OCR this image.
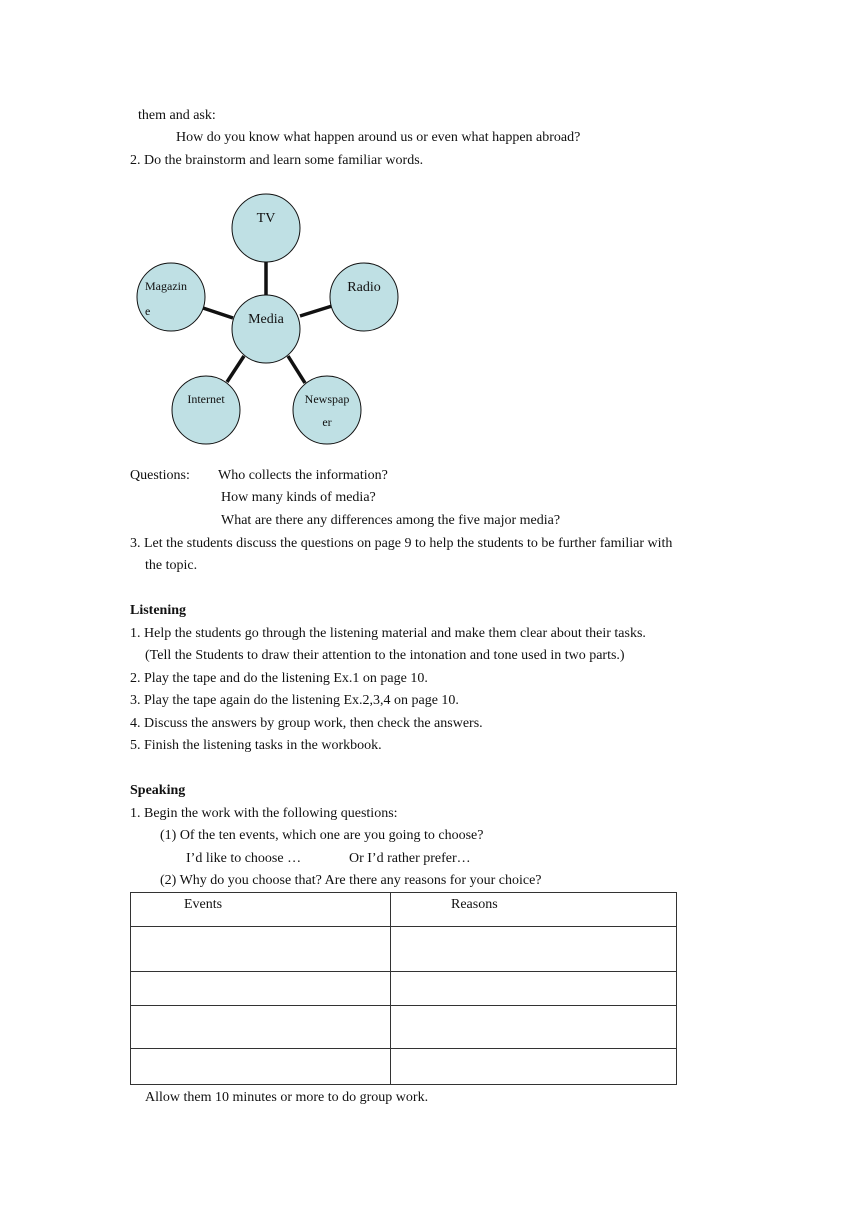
them and ask:
How do you know what happen around us or even what happen abroad?
2. Do the brainstorm and learn some familiar words.
TV
Media
Radio
Magazin
e
Internet	Newspap
er
Questions: Who collects the information?
How many kinds of media?
What are there any differences among the five major media?
3. Let the students discuss the questions on page 9 to help the students to be further familiar with
the topic.
Listening
1. Help the students go through the listening material and make them clear about their tasks.
(Tell the Students to draw their attention to the intonation and tone used in two parts.)
2. Play the tape and do the listening Ex.1 on page 10.
3. Play the tape again do the listening Ex.2,3,4 on page 10.
4. Discuss the answers by group work, then check the answers.
5. Finish the listening tasks in the workbook.
Speaking
1. Begin the work with the following questions:
(1) Of the ten events, which one are you going to choose?
I’d like to choose …	Or I’d rather prefer…
(2) Why do you choose that? Are there any reasons for your choice?
Events	Reasons

Allow them 10 minutes or more to do group work.
